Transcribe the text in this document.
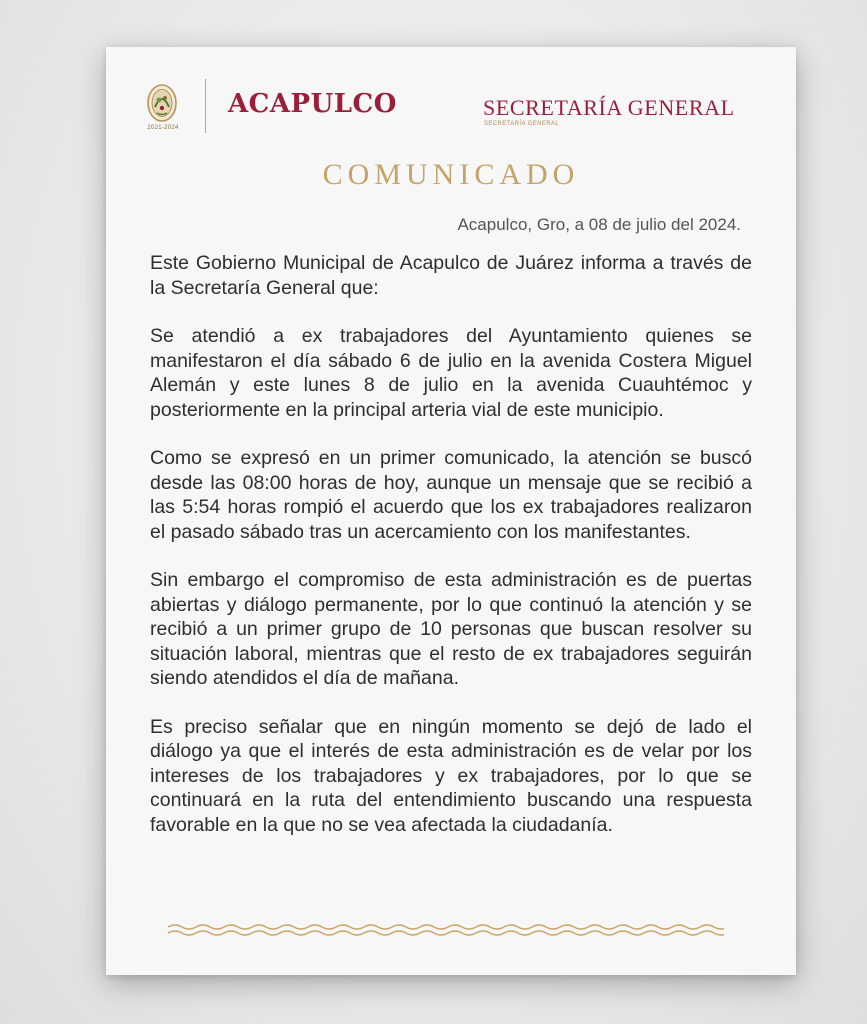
2021-2024
ACAPULCO	SECRETARÍA GENERAL
SECRETARÍA GENERAL
COMUNICADO
Acapulco, Gro, a 08 de julio del 2024.

Este Gobierno Municipal de Acapulco de Juárez informa a través de la Secretaría General que:

Se atendió a ex trabajadores del Ayuntamiento quienes se manifestaron el día sábado 6 de julio en la avenida Costera Miguel Alemán y este lunes 8 de julio en la avenida Cuauhtémoc y posteriormente en la principal arteria vial de este municipio.

Como se expresó en un primer comunicado, la atención se buscó desde las 08:00 horas de hoy, aunque un mensaje que se recibió a las 5:54 horas rompió el acuerdo que los ex trabajadores realizaron el pasado sábado tras un acercamiento con los manifestantes.

Sin embargo el compromiso de esta administración es de puertas abiertas y diálogo permanente, por lo que continuó la atención y se recibió a un primer grupo de 10 personas que buscan resolver su situación laboral, mientras que el resto de ex trabajadores seguirán siendo atendidos el día de mañana.

Es preciso señalar que en ningún momento se dejó de lado el diálogo ya que el interés de esta administración es de velar por los intereses de los trabajadores y ex trabajadores, por lo que se continuará en la ruta del entendimiento buscando una respuesta favorable en la que no se vea afectada la ciudadanía.
